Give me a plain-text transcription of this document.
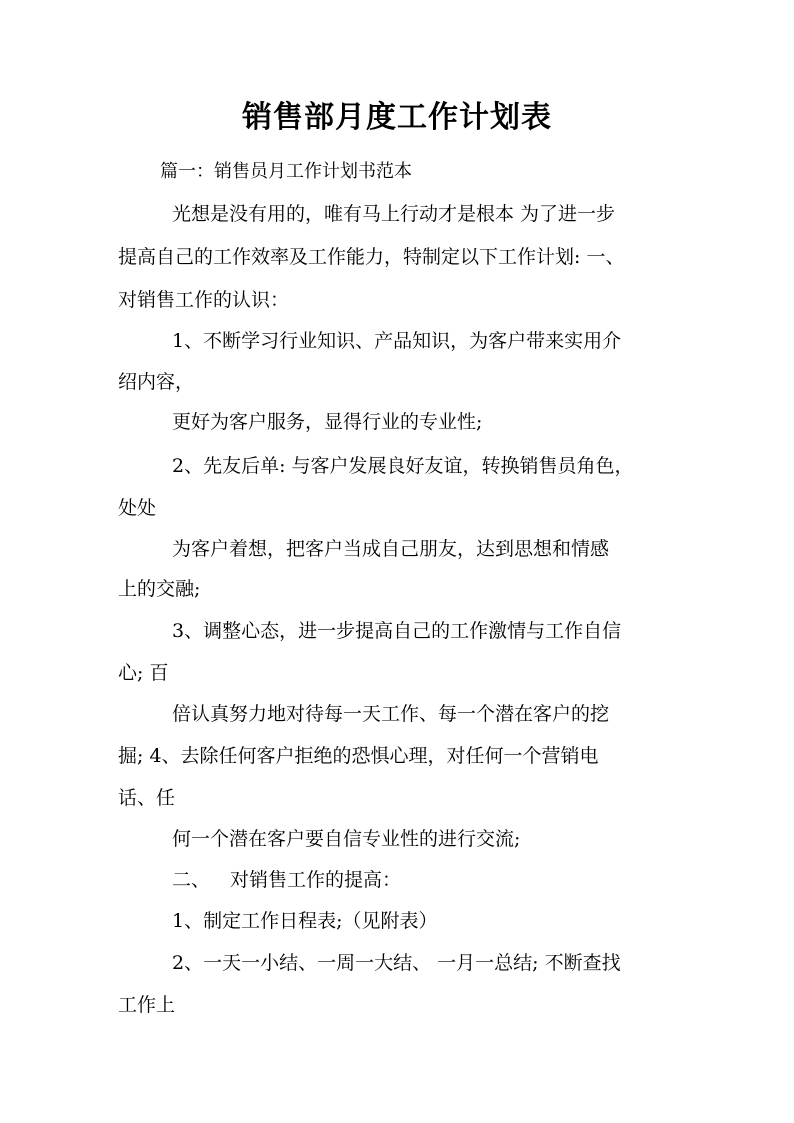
销售部月度工作计划表
篇一：销售员月工作计划书范本
光想是没有用的，唯有马上行动才是根本 为了进一步
提高自己的工作效率及工作能力，特制定以下工作计划: 一、
对销售工作的认识：
1、不断学习行业知识、产品知识，为客户带来实用介
绍内容，
更好为客户服务，显得行业的专业性;
2、先友后单: 与客户发展良好友谊，转换销售员角色，
处处
为客户着想，把客户当成自己朋友，达到思想和情感
上的交融;
3、调整心态，进一步提高自己的工作激情与工作自信
心; 百
倍认真努力地对待每一天工作、每一个潜在客户的挖
掘; 4、去除任何客户拒绝的恐惧心理，对任何一个营销电
话、任
何一个潜在客户要自信专业性的进行交流;
二、 对销售工作的提高：
1、制定工作日程表;（见附表）
2、一天一小结、一周一大结、 一月一总结; 不断查找
工作上
